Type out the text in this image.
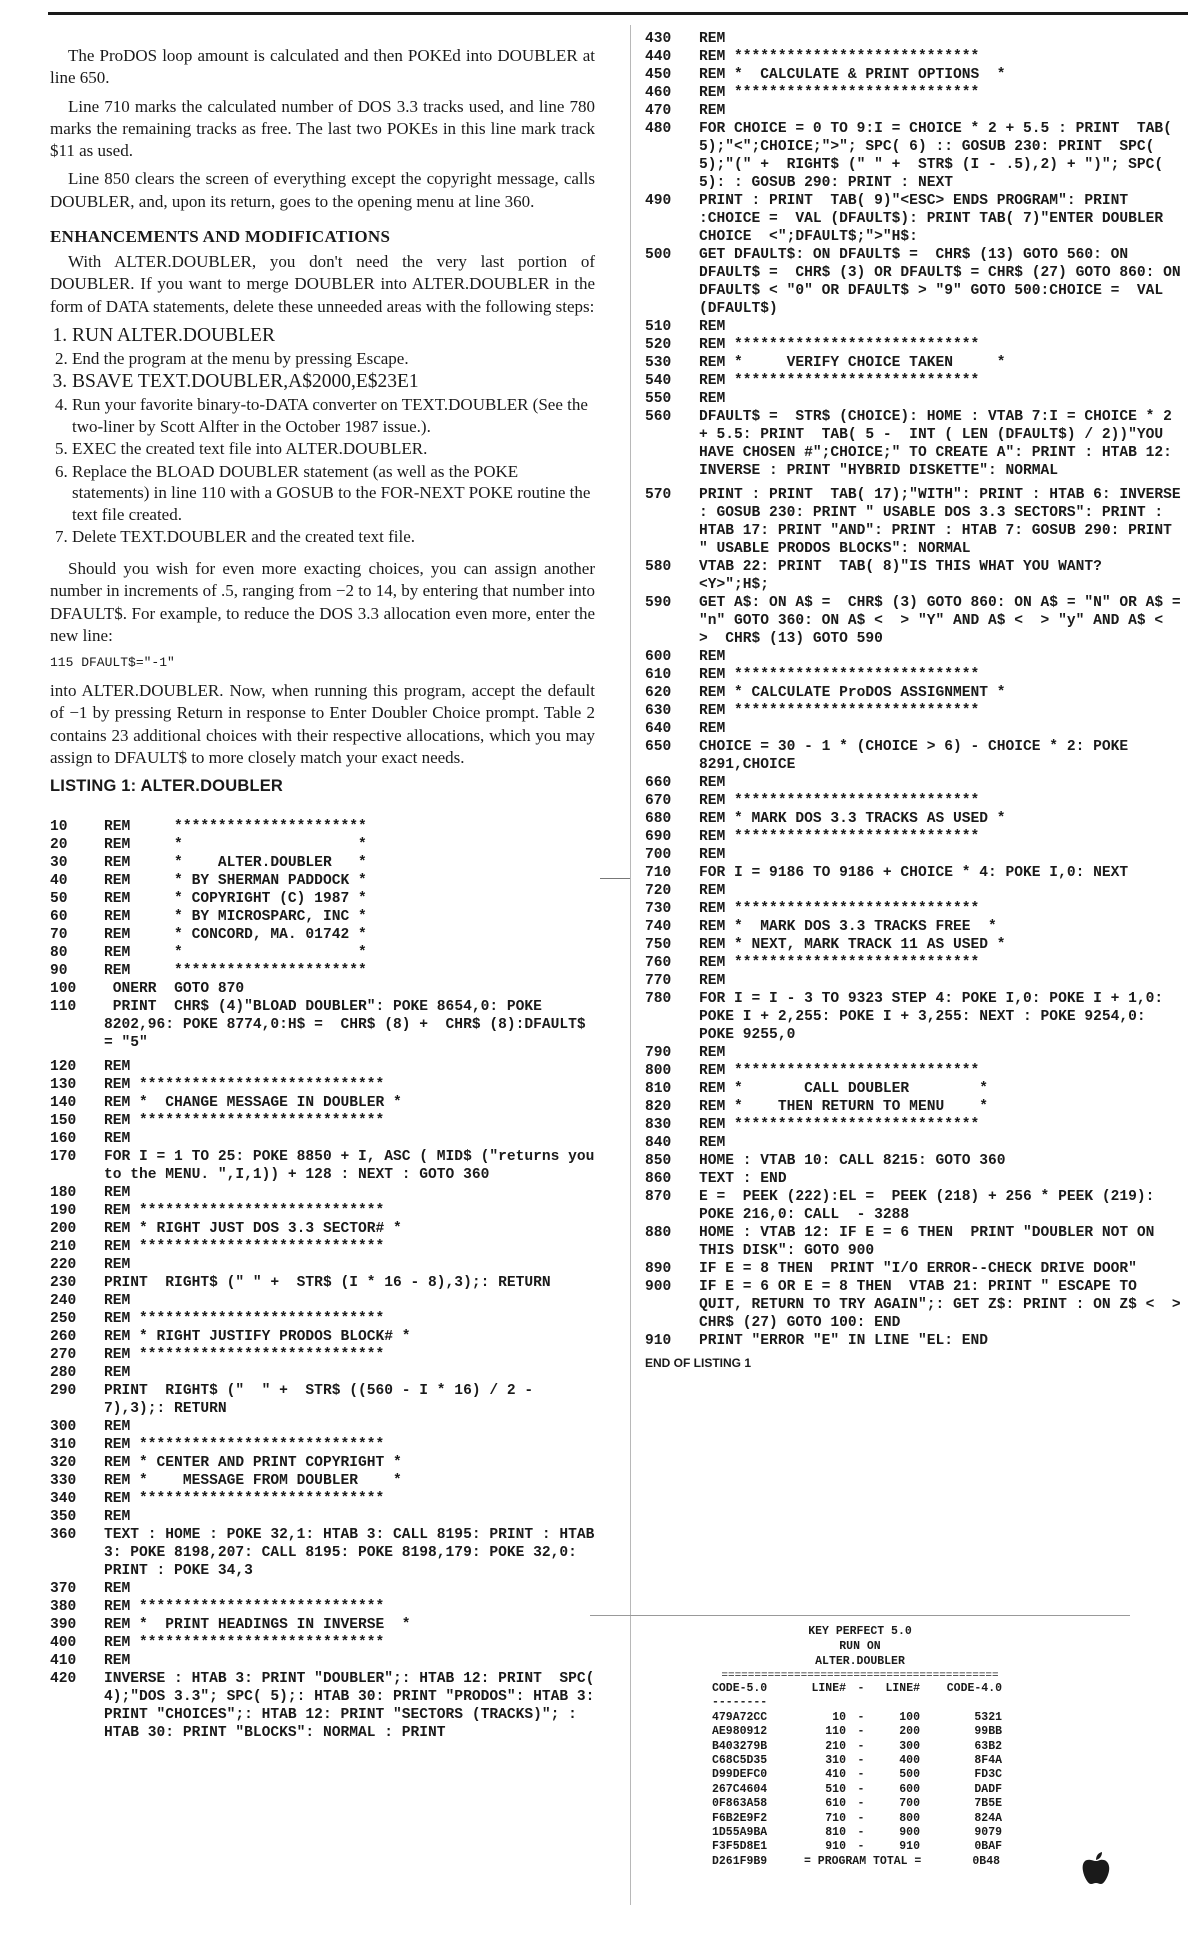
The ProDOS loop amount is calculated and then POKEd into DOUBLER at line 650.

Line 710 marks the calculated number of DOS 3.3 tracks used, and line 780 marks the remaining tracks as free. The last two POKEs in this line mark track $11 as used.

Line 850 clears the screen of everything except the copyright message, calls DOUBLER, and, upon its return, goes to the opening menu at line 360.

ENHANCEMENTS AND MODIFICATIONS

With ALTER.DOUBLER, you don't need the very last portion of DOUBLER. If you want to merge DOUBLER into ALTER.DOUBLER in the form of DATA statements, delete these unneeded areas with the following steps:

1. RUN ALTER.DOUBLER
2. End the program at the menu by pressing Escape.
3. BSAVE TEXT.DOUBLER,A$2000,E$23E1
4. Run your favorite binary-to-DATA converter on TEXT.DOUBLER (See the two-liner by Scott Alfter in the October 1987 issue.).
5. EXEC the created text file into ALTER.DOUBLER.
6. Replace the BLOAD DOUBLER statement (as well as the POKE statements) in line 110 with a GOSUB to the FOR-NEXT POKE routine the text file created.
7. Delete TEXT.DOUBLER and the created text file.

Should you wish for even more exacting choices, you can assign another number in increments of .5, ranging from −2 to 14, by entering that number into DFAULT$. For example, to reduce the DOS 3.3 allocation even more, enter the new line:

115 DFAULT$="-1"

into ALTER.DOUBLER. Now, when running this program, accept the default of −1 by pressing Return in response to Enter Doubler Choice prompt. Table 2 contains 23 additional choices with their respective allocations, which you may assign to DFAULT$ to more closely match your exact needs.

LISTING 1: ALTER.DOUBLER
10	REM     **********************
20	REM     *                    *
30	REM     *    ALTER.DOUBLER   *
40	REM     * BY SHERMAN PADDOCK *
50	REM     * COPYRIGHT (C) 1987 *
60	REM     * BY MICROSPARC, INC *
70	REM     * CONCORD, MA. 01742 *
80	REM     *                    *
90	REM     **********************
100	ONERR  GOTO 870
110	PRINT  CHR$ (4)"BLOAD DOUBLER": POKE 8654,0: POKE 8202,96: POKE 8774,0:H$ =  CHR$ (8) +  CHR$ (8):DFAULT$ = "5"
120	REM
130	REM ****************************
140	REM *  CHANGE MESSAGE IN DOUBLER *
150	REM ****************************
160	REM
170	FOR I = 1 TO 25: POKE 8850 + I, ASC ( MID$ ("returns you to the MENU. ",I,1)) + 128 : NEXT : GOTO 360
180	REM
190	REM ****************************
200	REM * RIGHT JUST DOS 3.3 SECTOR# *
210	REM ****************************
220	REM
230	PRINT  RIGHT$ (" " +  STR$ (I * 16 - 8),3);: RETURN
240	REM
250	REM ****************************
260	REM * RIGHT JUSTIFY PRODOS BLOCK# *
270	REM ****************************
280	REM
290	PRINT  RIGHT$ ("  " +  STR$ ((560 - I * 16) / 2 - 7),3);: RETURN
300	REM
310	REM ****************************
320	REM * CENTER AND PRINT COPYRIGHT *
330	REM *    MESSAGE FROM DOUBLER    *
340	REM ****************************
350	REM
360	TEXT : HOME : POKE 32,1: HTAB 3: CALL 8195: PRINT : HTAB 3: POKE 8198,207: CALL 8195: POKE 8198,179: POKE 32,0: PRINT : POKE 34,3
370	REM
380	REM ****************************
390	REM *  PRINT HEADINGS IN INVERSE  *
400	REM ****************************
410	REM
420	INVERSE : HTAB 3: PRINT "DOUBLER";: HTAB 12: PRINT  SPC( 4);"DOS 3.3"; SPC( 5);: HTAB 30: PRINT "PRODOS": HTAB 3: PRINT "CHOICES";: HTAB 12: PRINT "SECTORS (TRACKS)"; : HTAB 30: PRINT "BLOCKS": NORMAL : PRINT
430	REM
440	REM ****************************
450	REM *  CALCULATE & PRINT OPTIONS  *
460	REM ****************************
470	REM
480	FOR CHOICE = 0 TO 9:I = CHOICE * 2 + 5.5 : PRINT  TAB( 5);"<";CHOICE;">"; SPC( 6) :: GOSUB 230: PRINT  SPC( 5);"(" +  RIGHT$ (" " +  STR$ (I - .5),2) + ")"; SPC( 5): : GOSUB 290: PRINT : NEXT
490	PRINT : PRINT  TAB( 9)"<ESC> ENDS PROGRAM": PRINT :CHOICE =  VAL (DFAULT$): PRINT TAB( 7)"ENTER DOUBLER CHOICE  <";DFAULT$;">"H$:
500	GET DFAULT$: ON DFAULT$ =  CHR$ (13) GOTO 560: ON DFAULT$ =  CHR$ (3) OR DFAULT$ = CHR$ (27) GOTO 860: ON DFAULT$ < "0" OR DFAULT$ > "9" GOTO 500:CHOICE =  VAL (DFAULT$)
510	REM
520	REM ****************************
530	REM *     VERIFY CHOICE TAKEN     *
540	REM ****************************
550	REM
560	DFAULT$ =  STR$ (CHOICE): HOME : VTAB 7:I = CHOICE * 2 + 5.5: PRINT  TAB( 5 -  INT ( LEN (DFAULT$) / 2))"YOU HAVE CHOSEN #";CHOICE;" TO CREATE A": PRINT : HTAB 12: INVERSE : PRINT "HYBRID DISKETTE": NORMAL
570	PRINT : PRINT  TAB( 17);"WITH": PRINT : HTAB 6: INVERSE : GOSUB 230: PRINT " USABLE DOS 3.3 SECTORS": PRINT : HTAB 17: PRINT "AND": PRINT : HTAB 7: GOSUB 290: PRINT " USABLE PRODOS BLOCKS": NORMAL
580	VTAB 22: PRINT  TAB( 8)"IS THIS WHAT YOU WANT?  <Y>";H$;
590	GET A$: ON A$ =  CHR$ (3) GOTO 860: ON A$ = "N" OR A$ = "n" GOTO 360: ON A$ <  > "Y" AND A$ <  > "y" AND A$ <  >  CHR$ (13) GOTO 590
600	REM
610	REM ****************************
620	REM * CALCULATE ProDOS ASSIGNMENT *
630	REM ****************************
640	REM
650	CHOICE = 30 - 1 * (CHOICE > 6) - CHOICE * 2: POKE 8291,CHOICE
660	REM
670	REM ****************************
680	REM * MARK DOS 3.3 TRACKS AS USED *
690	REM ****************************
700	REM
710	FOR I = 9186 TO 9186 + CHOICE * 4: POKE I,0: NEXT
720	REM
730	REM ****************************
740	REM *  MARK DOS 3.3 TRACKS FREE  *
750	REM * NEXT, MARK TRACK 11 AS USED *
760	REM ****************************
770	REM
780	FOR I = I - 3 TO 9323 STEP 4: POKE I,0: POKE I + 1,0: POKE I + 2,255: POKE I + 3,255: NEXT : POKE 9254,0: POKE 9255,0
790	REM
800	REM ****************************
810	REM *       CALL DOUBLER        *
820	REM *    THEN RETURN TO MENU    *
830	REM ****************************
840	REM
850	HOME : VTAB 10: CALL 8215: GOTO 360
860	TEXT : END
870	E =  PEEK (222):EL =  PEEK (218) + 256 * PEEK (219): POKE 216,0: CALL  - 3288
880	HOME : VTAB 12: IF E = 6 THEN  PRINT "DOUBLER NOT ON THIS DISK": GOTO 900
890	IF E = 8 THEN  PRINT "I/O ERROR--CHECK DRIVE DOOR"
900	IF E = 6 OR E = 8 THEN  VTAB 21: PRINT " ESCAPE TO QUIT, RETURN TO TRY AGAIN";: GET Z$: PRINT : ON Z$ <  >  CHR$ (27) GOTO 100: END
910	PRINT "ERROR "E" IN LINE "EL: END
END OF LISTING 1
KEY PERFECT 5.0
RUN ON
ALTER.DOUBLER
==========================================
CODE-5.0	LINE#	-	LINE#	CODE-4.0
--------
479A72CC	10	-	100	5321
AE980912	110	-	200	99BB
B403279B	210	-	300	63B2
C68C5D35	310	-	400	8F4A
D99DEFC0	410	-	500	FD3C
267C4604	510	-	600	DADF
0F863A58	610	-	700	7B5E
F6B2E9F2	710	-	800	824A
1D55A9BA	810	-	900	9079
F3F5D8E1	910	-	910	0BAF
D261F9B9	= PROGRAM TOTAL =	0B48
